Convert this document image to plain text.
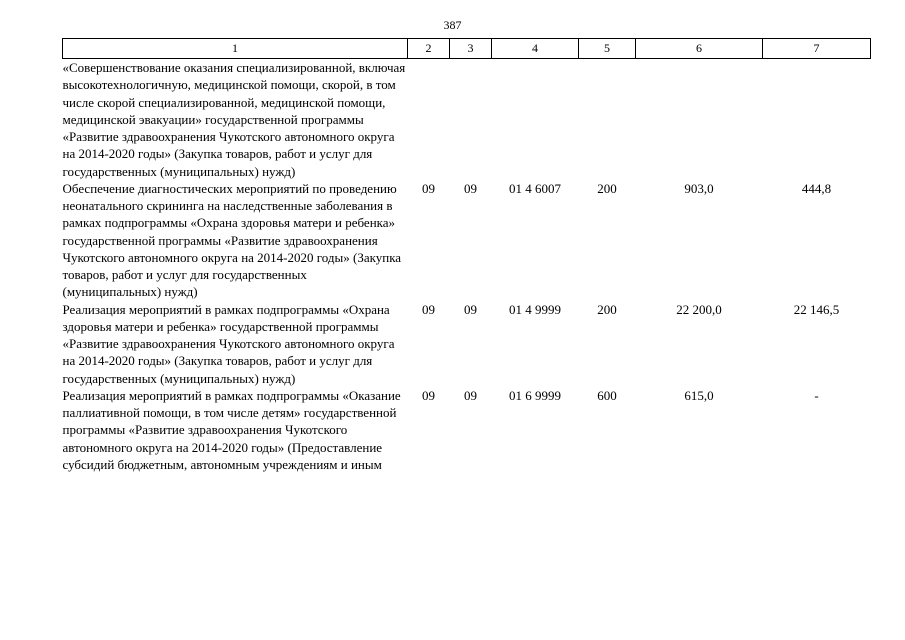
387
1	2	3	4	5	6	7
«Совершенствование оказания специализированной, включая высокотехнологичную, медицинской помощи, скорой, в том числе скорой специализированной, медицинской помощи, медицинской эвакуации» государственной программы «Развитие здравоохранения Чукотского автономного округа на 2014-2020 годы» (Закупка товаров, работ и услуг для государственных (муниципальных) нужд)						
Обеспечение диагностических мероприятий по проведению неонатального скрининга на наследственные заболевания в рамках подпрограммы «Охрана здоровья матери и ребенка» государственной программы «Развитие здравоохранения Чукотского автономного округа на 2014-2020 годы» (Закупка товаров, работ и услуг для государственных (муниципальных) нужд)	09	09	01 4 6007	200	903,0	444,8
Реализация мероприятий в рамках подпрограммы «Охрана здоровья матери и ребенка» государственной программы «Развитие здравоохранения Чукотского автономного округа на 2014-2020 годы» (Закупка товаров, работ и услуг для государственных (муниципальных) нужд)	09	09	01 4 9999	200	22 200,0	22 146,5
Реализация мероприятий в рамках подпрограммы «Оказание паллиативной помощи, в том числе детям» государственной программы «Развитие здравоохранения Чукотского автономного округа на 2014-2020 годы» (Предоставление субсидий бюджетным, автономным учреждениям и иным	09	09	01 6 9999	600	615,0	-
